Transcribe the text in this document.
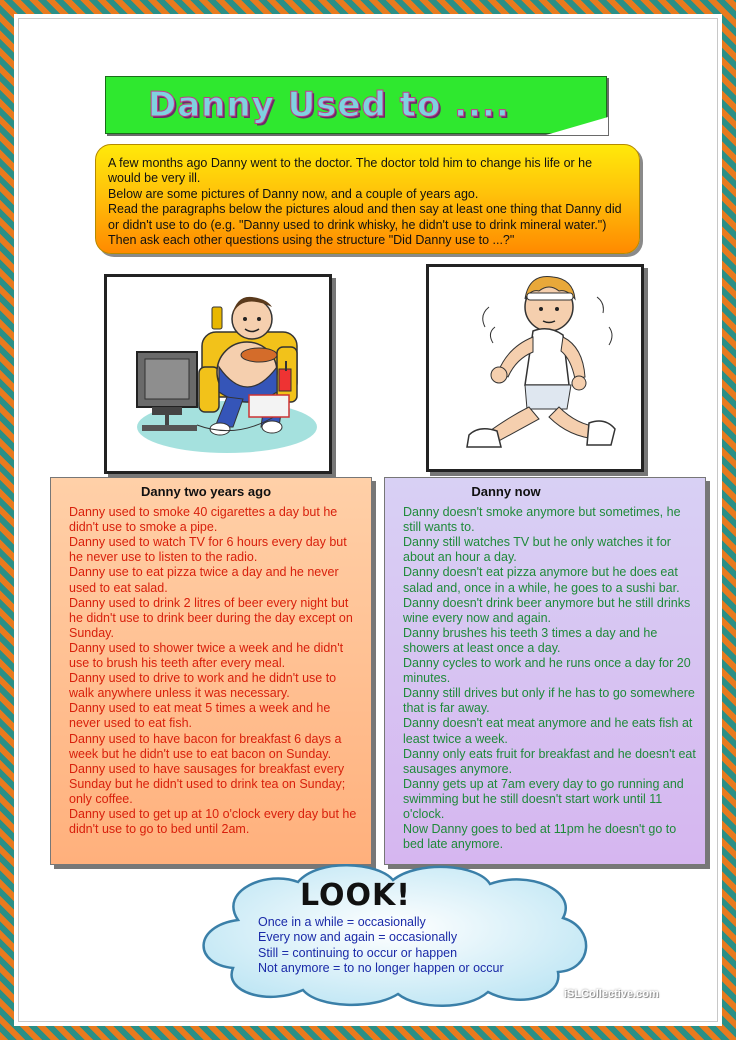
Danny Used to ....

A few months ago Danny went to the doctor. The doctor told him to change his life or he would be very ill.

Below are some pictures of Danny now, and a couple of years ago.

Read the paragraphs below the pictures aloud and then say at least one thing that Danny did or didn't use to do (e.g. "Danny used to drink whisky, he didn't use to drink mineral water.") Then ask each other questions using the structure "Did Danny use to ...?"

Danny two years ago

Danny used to smoke 40 cigarettes a day but he didn't use to smoke a pipe.

Danny used to watch TV for 6 hours every day but he never use to listen to the radio.

Danny use to eat pizza twice a day and he never used to eat salad.

Danny used to drink 2 litres of beer every night but he didn't use to drink beer during the day except on Sunday.

Danny used to shower twice a week and he didn't use to brush his teeth after every meal.

Danny used to drive to work and he didn't use to walk anywhere unless it was necessary.

Danny used to eat meat 5 times a week and he never used to eat fish.

Danny used to have bacon for breakfast 6 days a week but he didn't use to eat bacon on Sunday.

Danny used to have sausages for breakfast every Sunday but he didn't used to drink tea on Sunday; only coffee.

Danny used to get up at 10 o'clock every day but he didn't use to go to bed until 2am.

Danny now

Danny doesn't smoke anymore but sometimes, he still wants to.

Danny still watches TV but he only watches it for about an hour a day.

Danny doesn't eat pizza anymore but he does eat salad and, once in a while, he goes to a sushi bar.

Danny doesn't drink beer anymore but he still drinks wine every now and again.

Danny brushes his teeth 3 times a day and he showers at least once a day.

Danny cycles to work and he runs once a day for 20 minutes.

Danny still drives but only if he has to go somewhere that is far away.

Danny doesn't eat meat anymore and he eats fish at least twice a week.

Danny only eats fruit for breakfast and he doesn't eat sausages anymore.

Danny gets up at 7am every day to go running and swimming but he still doesn't start work until 11 o'clock.

Now Danny goes to bed at 11pm he doesn't go to bed late anymore.

LOOK!
Once in a while = occasionally
Every now and again = occasionally
Still = continuing to occur or happen
Not anymore = to no longer happen or occur
iSLCollective.com
